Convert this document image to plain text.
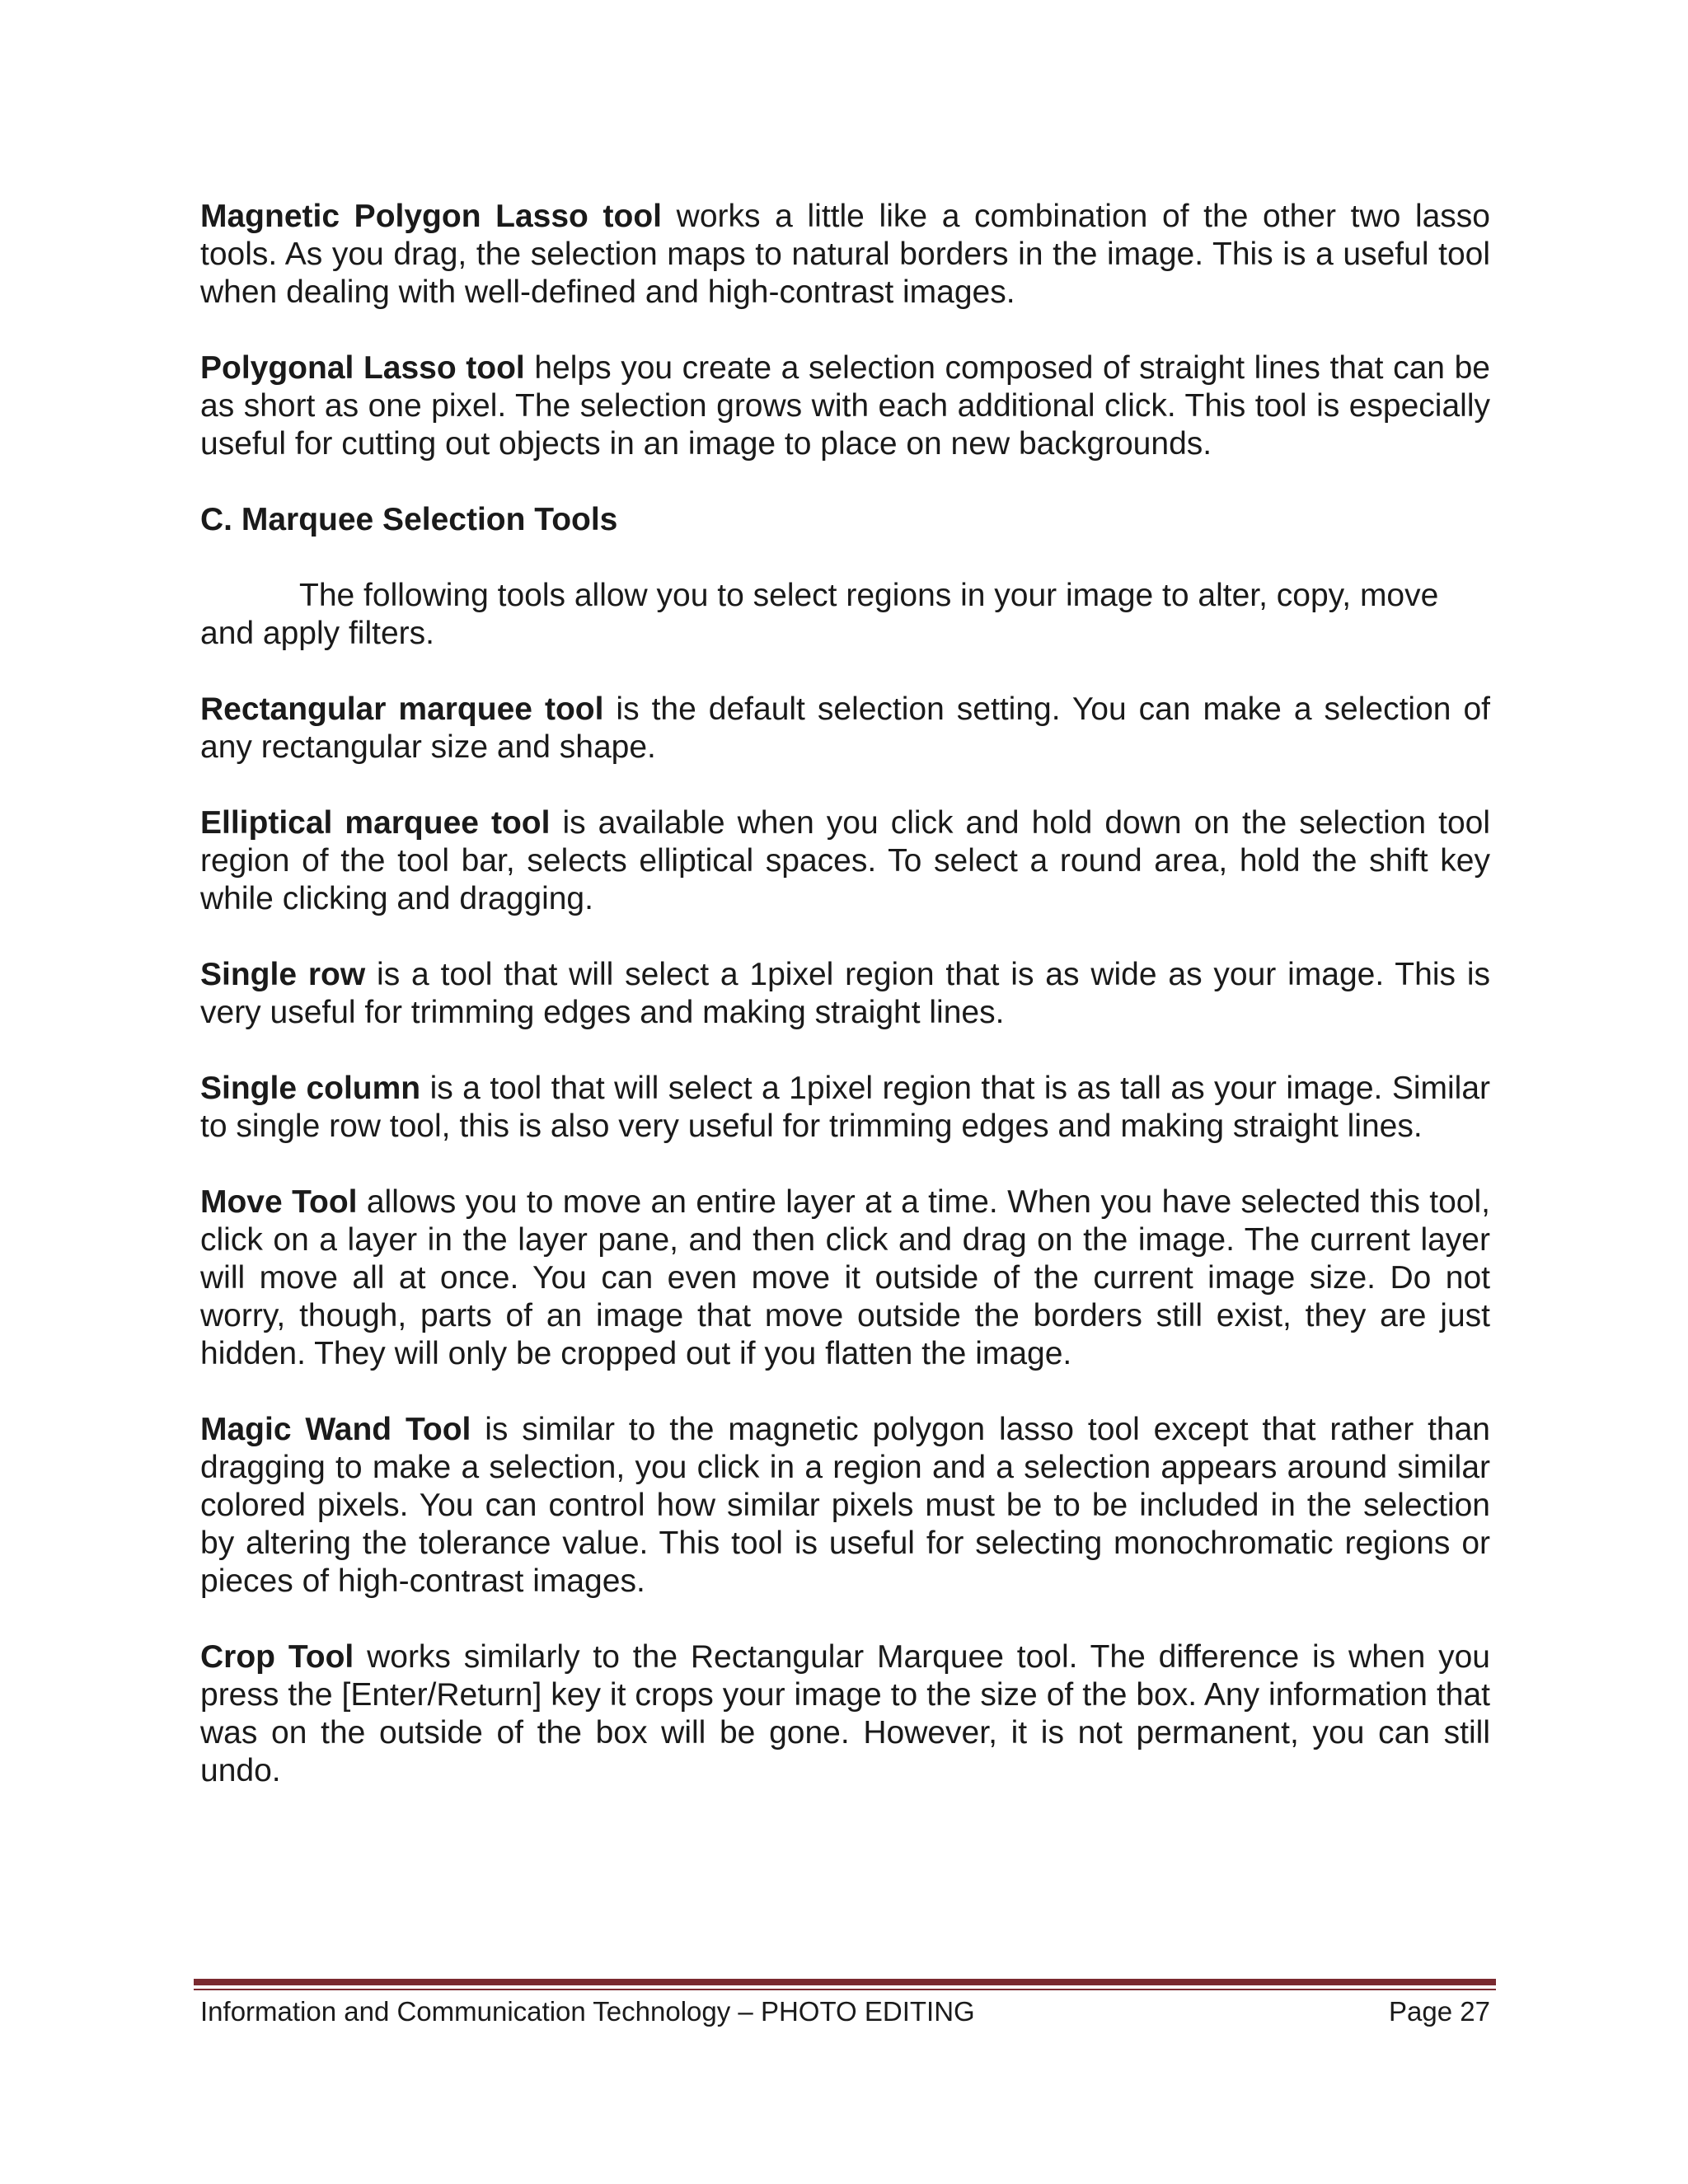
Magnetic Polygon Lasso tool works a little like a combination of the other two lasso tools. As you drag, the selection maps to natural borders in the image. This is a useful tool when dealing with well-defined and high-contrast images.

Polygonal Lasso tool helps you create a selection composed of straight lines that can be as short as one pixel. The selection grows with each additional click. This tool is especially useful for cutting out objects in an image to place on new backgrounds.

C. Marquee Selection Tools

The following tools allow you to select regions in your image to alter, copy, move and apply filters.

Rectangular marquee tool is the default selection setting. You can make a selection of any rectangular size and shape.

Elliptical marquee tool is available when you click and hold down on the selection tool region of the tool bar, selects elliptical spaces. To select a round area, hold the shift key while clicking and dragging.

Single row is a tool that will select a 1pixel region that is as wide as your image. This is very useful for trimming edges and making straight lines.

Single column is a tool that will select a 1pixel region that is as tall as your image. Similar to single row tool, this is also very useful for trimming edges and making straight lines.

Move Tool allows you to move an entire layer at a time. When you have selected this tool, click on a layer in the layer pane, and then click and drag on the image. The current layer will move all at once. You can even move it outside of the current image size. Do not worry, though, parts of an image that move outside the borders still exist, they are just hidden. They will only be cropped out if you flatten the image.

Magic Wand Tool is similar to the magnetic polygon lasso tool except that rather than dragging to make a selection, you click in a region and a selection appears around similar colored pixels. You can control how similar pixels must be to be included in the selection by altering the tolerance value. This tool is useful for selecting monochromatic regions or pieces of high-contrast images.

Crop Tool works similarly to the Rectangular Marquee tool. The difference is when you press the [Enter/Return] key it crops your image to the size of the box. Any information that was on the outside of the box will be gone. However, it is not permanent, you can still undo.

Information and Communication Technology – PHOTO EDITING	Page 27
